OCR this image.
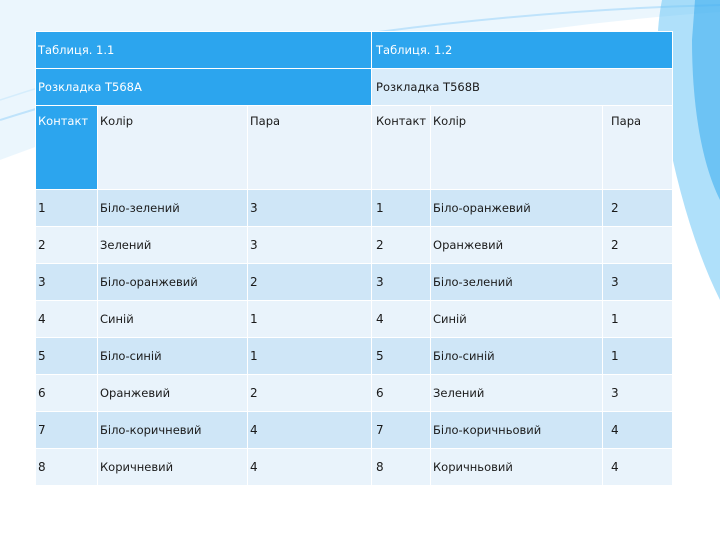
Таблиця. 1.1			Таблиця. 1.2		
Розкладка T568A			Розкладка T568B		
Контакт	Колір	Пара	Контакт	Колір	Пара
1	Біло-зелений	3	1	Біло-оранжевий	2
2	Зелений	3	2	Оранжевий	2
3	Біло-оранжевий	2	3	Біло-зелений	3
4	Синій	1	4	Синій	1
5	Біло-синій	1	5	Біло-синій	1
6	Оранжевий	2	6	Зелений	3
7	Біло-коричневий	4	7	Біло-коричньовий	4
8	Коричневий	4	8	Коричньовий	4
